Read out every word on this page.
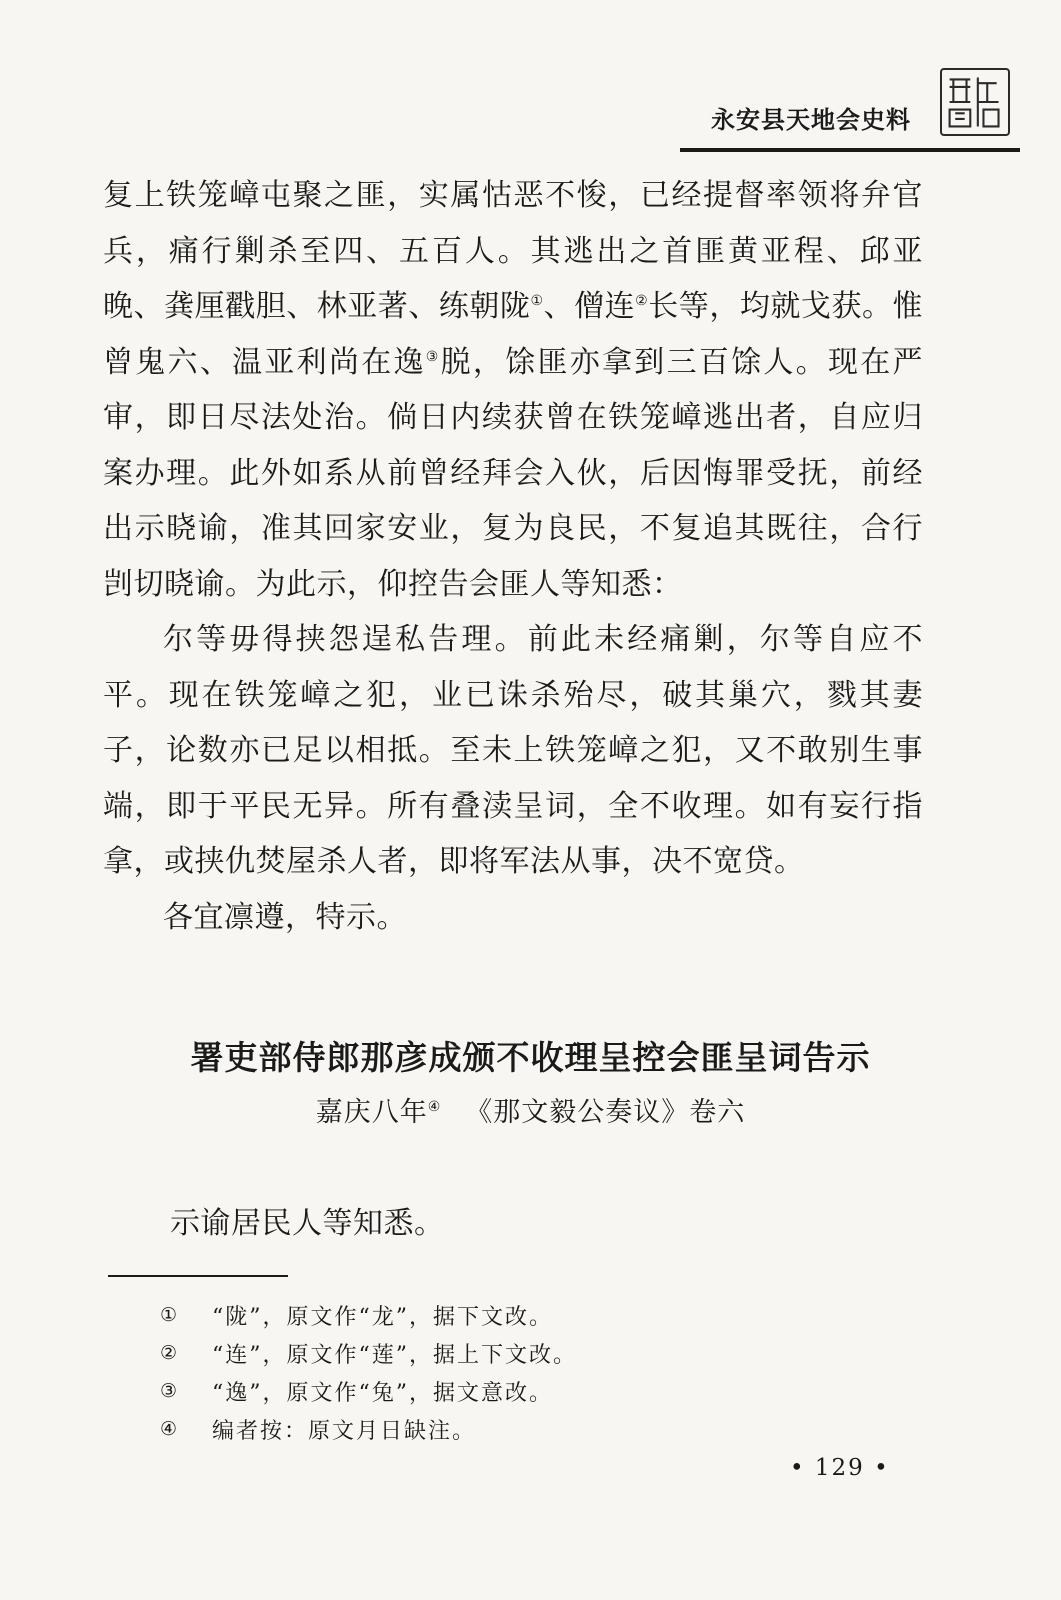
永安县天地会史料

复上铁笼嶂屯聚之匪，实属怙恶不悛，已经提督率领将弁官兵，痛行剿杀至四、五百人。其逃出之首匪黄亚程、邱亚晚、龚厘戳胆、林亚著、练朝陇①、僧连②长等，均就戈获。惟曾鬼六、温亚利尚在逸③脱，馀匪亦拿到三百馀人。现在严审，即日尽法处治。倘日内续获曾在铁笼嶂逃出者，自应归案办理。此外如系从前曾经拜会入伙，后因悔罪受抚，前经出示晓谕，准其回家安业，复为良民，不复追其既往，合行剀切晓谕。为此示，仰控告会匪人等知悉：

尔等毋得挟怨逞私告理。前此未经痛剿，尔等自应不平。现在铁笼嶂之犯，业已诛杀殆尽，破其巢穴，戮其妻子，论数亦已足以相抵。至未上铁笼嶂之犯，又不敢别生事端，即于平民无异。所有叠渎呈词，全不收理。如有妄行指拿，或挟仇焚屋杀人者，即将军法从事，决不宽贷。

各宜凛遵，特示。

署吏部侍郎那彦成颁不收理呈控会匪呈词告示
嘉庆八年④ 《那文毅公奏议》卷六
示谕居民人等知悉。
①	“陇”，原文作“龙”，据下文改。
②	“连”，原文作“莲”，据上下文改。
③	“逸”，原文作“兔”，据文意改。
④	编者按：原文月日缺注。
• 129 •
